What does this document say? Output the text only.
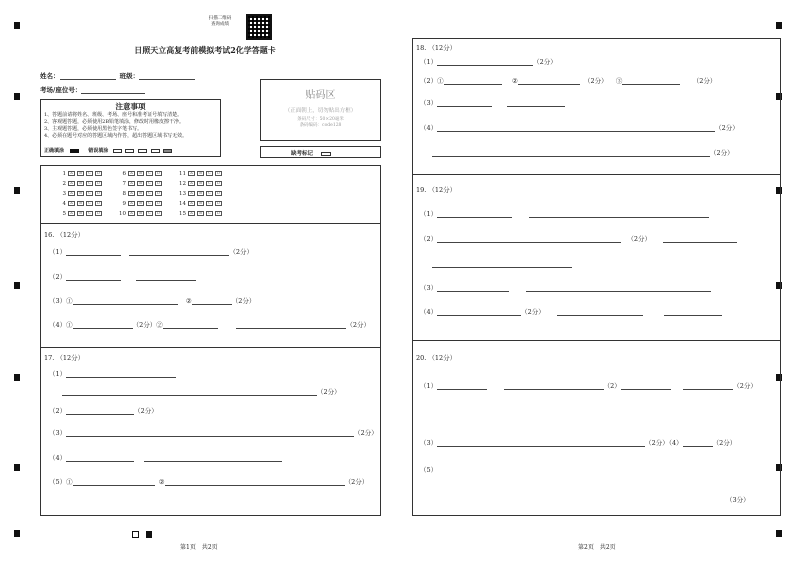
扫描二维码
查询成绩
日照天立高复考前模拟考试2化学答题卡
姓名：	班级：
考场/座位号：
注意事项
1、答题前请将姓名、班级、考场、座号和准考证号填写清楚。
2、客观题答题，必须使用2B铅笔填涂，修改时用橡皮擦干净。
3、主观题答题，必须使用黑色签字笔书写。
4、必须在题号对应的答题区域内作答，超出答题区域书写无效。
正确填涂	错误填涂
贴码区
（正面朝上，切勿贴出方框）
条码尺寸：50×20毫米
条码编码：code128
缺考标记
1 A B C D
2 A B C D
3 A B C D
4 A B C D
5 A B C D
6 A B C D
7 A B C D
8 A B C D
9 A B C D
10 A B C D
11 A B C D
12 A B C D
13 A B C D
14 A B C D
15 A B C D
16. （12分）
（1）	（2分）
（2）
（3）①	②	（2分）
（4）①	（2分）②	（2分）
17. （12分）
（1）
（2分）
（2）	（2分）
（3）	（2分）
（4）
（5）①	②	（2分）
18. （12分）
（1）	（2分）
（2）①	②	（2分） ③	（2分）
（3）
（4）	（2分）
（2分）
19. （12分）
（1）
（2）	（2分）
（3）
（4）	（2分）
20. （12分）
（1）	（2）	（2分）
（3）	（2分）（4）	（2分）
（5）
（3分）
第1页　共2页	第2页　共2页
